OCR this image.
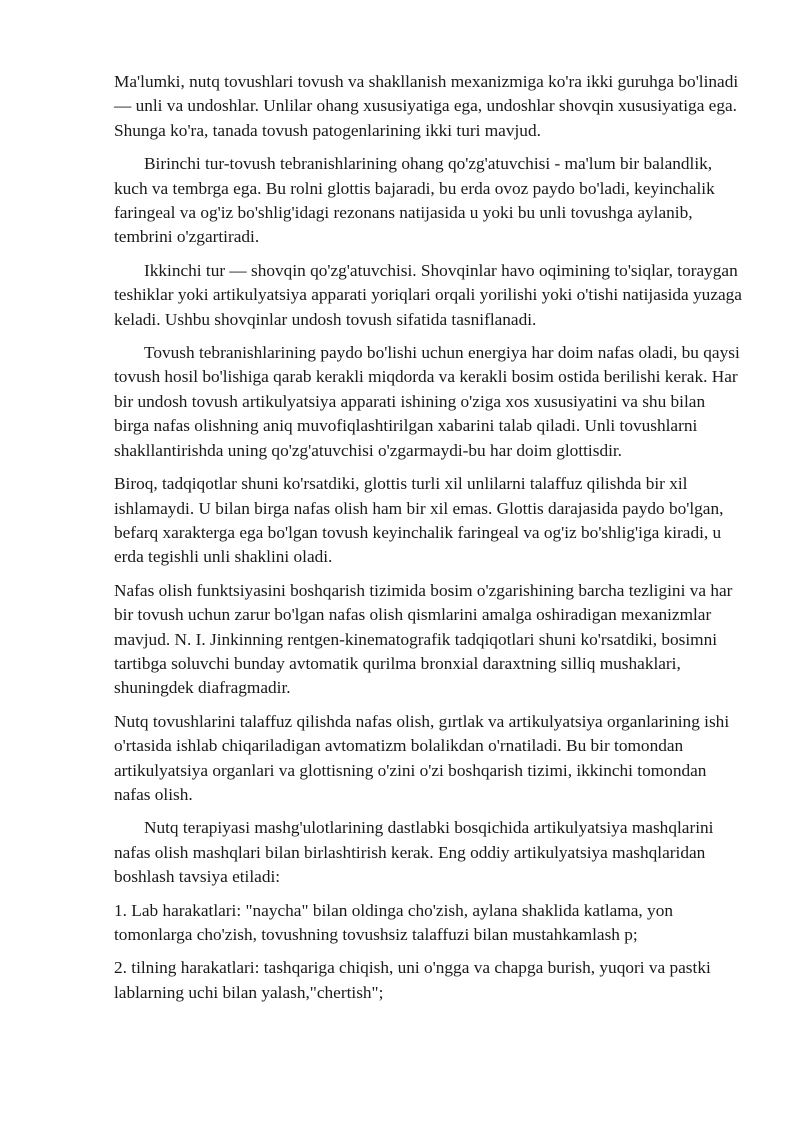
Ma'lumki, nutq tovushlari tovush va shakllanish mexanizmiga ko'ra ikki guruhga bo'linadi — unli va undoshlar. Unlilar ohang xususiyatiga ega, undoshlar shovqin xususiyatiga ega. Shunga ko'ra, tanada tovush patogenlarining ikki turi mavjud.

Birinchi tur-tovush tebranishlarining ohang qo'zg'atuvchisi - ma'lum bir balandlik, kuch va tembrga ega. Bu rolni glottis bajaradi, bu erda ovoz paydo bo'ladi, keyinchalik faringeal va og'iz bo'shlig'idagi rezonans natijasida u yoki bu unli tovushga aylanib, tembrini o'zgartiradi.

Ikkinchi tur — shovqin qo'zg'atuvchisi. Shovqinlar havo oqimining to'siqlar, toraygan teshiklar yoki artikulyatsiya apparati yoriqlari orqali yorilishi yoki o'tishi natijasida yuzaga keladi. Ushbu shovqinlar undosh tovush sifatida tasniflanadi.

Tovush tebranishlarining paydo bo'lishi uchun energiya har doim nafas oladi, bu qaysi tovush hosil bo'lishiga qarab kerakli miqdorda va kerakli bosim ostida berilishi kerak. Har bir undosh tovush artikulyatsiya apparati ishining o'ziga xos xususiyatini va shu bilan birga nafas olishning aniq muvofiqlashtirilgan xabarini talab qiladi. Unli tovushlarni shakllantirishda uning qo'zg'atuvchisi o'zgarmaydi-bu har doim glottisdir.

Biroq, tadqiqotlar shuni ko'rsatdiki, glottis turli xil unlilarni talaffuz qilishda bir xil ishlamaydi. U bilan birga nafas olish ham bir xil emas. Glottis darajasida paydo bo'lgan, befarq xarakterga ega bo'lgan tovush keyinchalik faringeal va og'iz bo'shlig'iga kiradi, u erda tegishli unli shaklini oladi.

Nafas olish funktsiyasini boshqarish tizimida bosim o'zgarishining barcha tezligini va har bir tovush uchun zarur bo'lgan nafas olish qismlarini amalga oshiradigan mexanizmlar mavjud. N. I. Jinkinning rentgen-kinematografik tadqiqotlari shuni ko'rsatdiki, bosimni tartibga soluvchi bunday avtomatik qurilma bronxial daraxtning silliq mushaklari, shuningdek diafragmadir.

Nutq tovushlarini talaffuz qilishda nafas olish, gırtlak va artikulyatsiya organlarining ishi o'rtasida ishlab chiqariladigan avtomatizm bolalikdan o'rnatiladi. Bu bir tomondan artikulyatsiya organlari va glottisning o'zini o'zi boshqarish tizimi, ikkinchi tomondan nafas olish.

Nutq terapiyasi mashg'ulotlarining dastlabki bosqichida artikulyatsiya mashqlarini nafas olish mashqlari bilan birlashtirish kerak. Eng oddiy artikulyatsiya mashqlaridan boshlash tavsiya etiladi:

1. Lab harakatlari: "naycha" bilan oldinga cho'zish, aylana shaklida katlama, yon tomonlarga cho'zish, tovushning tovushsiz talaffuzi bilan mustahkamlash p;

2. tilning harakatlari: tashqariga chiqish, uni o'ngga va chapga burish, yuqori va pastki lablarning uchi bilan yalash,"chertish";
